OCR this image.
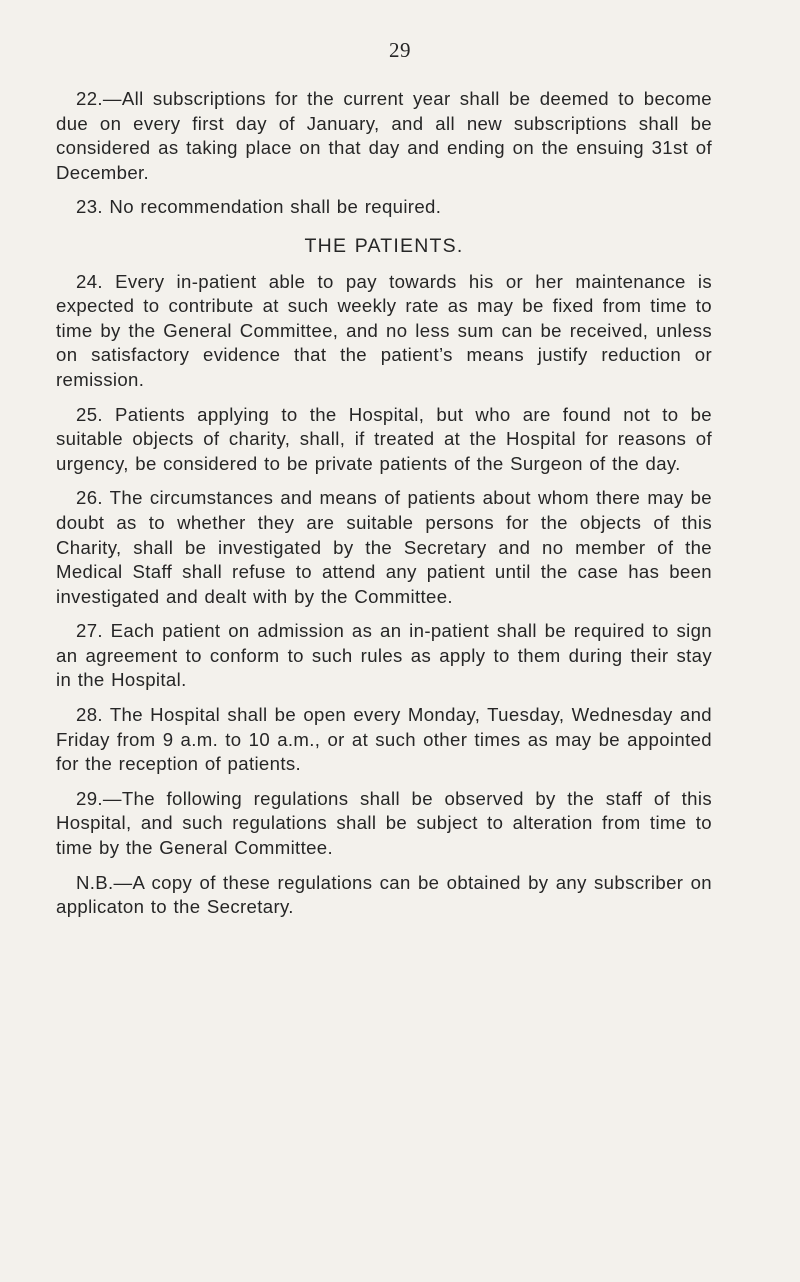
29

22.—All subscriptions for the current year shall be deemed to become due on every first day of January, and all new subscriptions shall be considered as taking place on that day and ending on the ensuing 31st of December.

23. No recommendation shall be required.

THE PATIENTS.

24. Every in-patient able to pay towards his or her maintenance is expected to contribute at such weekly rate as may be fixed from time to time by the General Committee, and no less sum can be received, unless on satisfactory evidence that the patient’s means justify reduction or remission.

25. Patients applying to the Hospital, but who are found not to be suitable objects of charity, shall, if treated at the Hospital for reasons of urgency, be considered to be private patients of the Surgeon of the day.

26. The circumstances and means of patients about whom there may be doubt as to whether they are suitable persons for the objects of this Charity, shall be investigated by the Secretary and no member of the Medical Staff shall refuse to attend any patient until the case has been investigated and dealt with by the Committee.

27. Each patient on admission as an in-patient shall be required to sign an agreement to conform to such rules as apply to them during their stay in the Hospital.

28. The Hospital shall be open every Monday, Tuesday, Wednesday and Friday from 9 a.m. to 10 a.m., or at such other times as may be appointed for the reception of patients.

29.—The following regulations shall be observed by the staff of this Hospital, and such regulations shall be subject to alteration from time to time by the General Committee.

N.B.—A copy of these regulations can be obtained by any subscriber on applicaton to the Secretary.
